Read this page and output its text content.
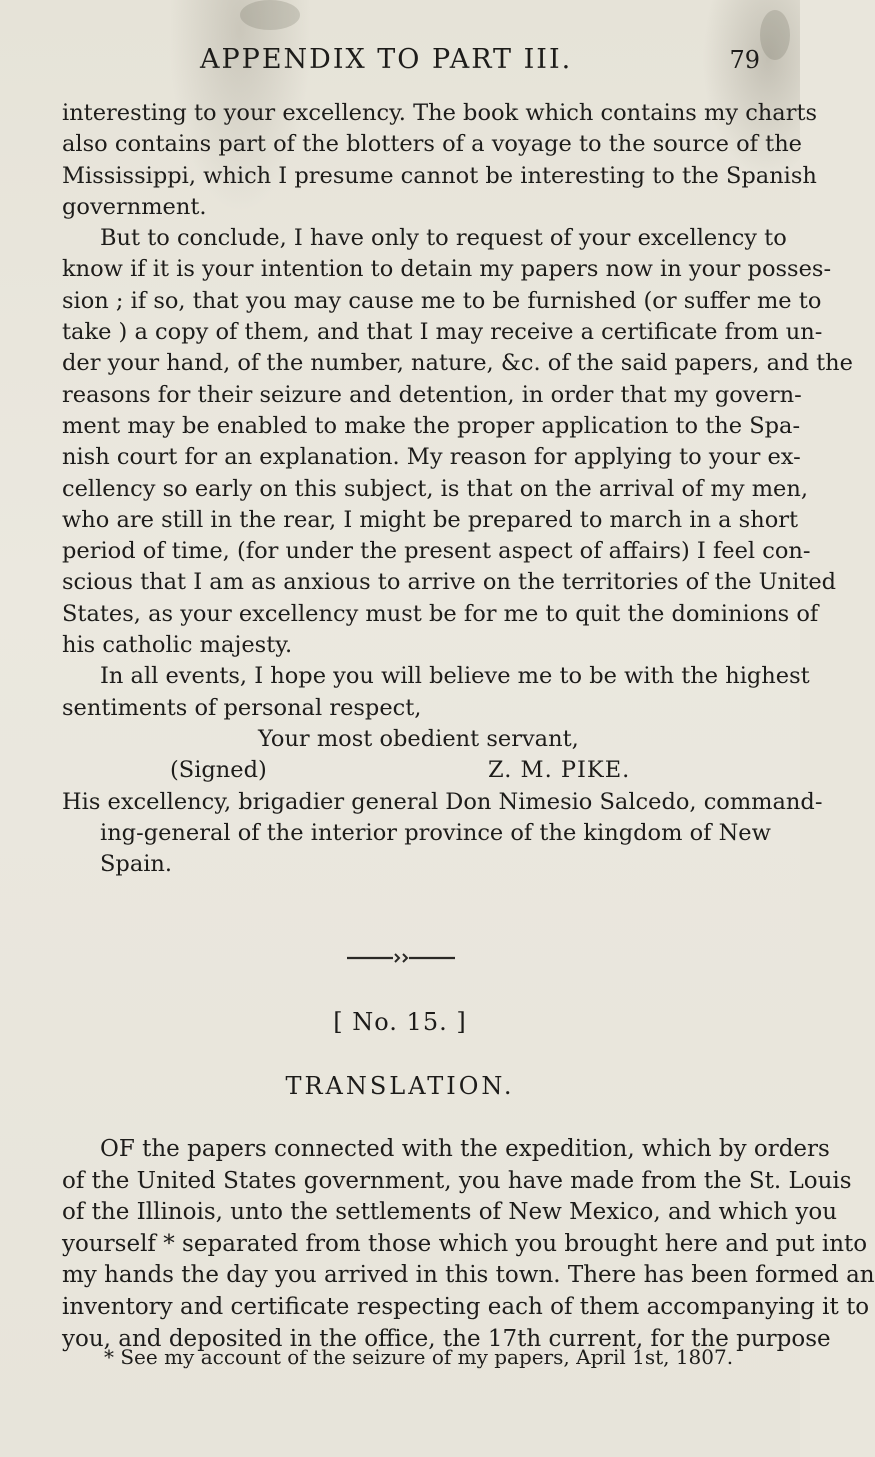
APPENDIX TO PART III.	79
interesting to your excellency. The book which contains my charts
also contains part of the blotters of a voyage to the source of the
Mississippi, which I presume cannot be interesting to the Spanish
government.
But to conclude, I have only to request of your excellency to
know if it is your intention to detain my papers now in your posses-
sion ; if so, that you may cause me to be furnished (or suffer me to
take ) a copy of them, and that I may receive a certificate from un-
der your hand, of the number, nature, &c. of the said papers, and the
reasons for their seizure and detention, in order that my govern-
ment may be enabled to make the proper application to the Spa-
nish court for an explanation. My reason for applying to your ex-
cellency so early on this subject, is that on the arrival of my men,
who are still in the rear, I might be prepared to march in a short
period of time, (for under the present aspect of affairs) I feel con-
scious that I am as anxious to arrive on the territories of the United
States, as your excellency must be for me to quit the dominions of
his catholic majesty.
In all events, I hope you will believe me to be with the highest
sentiments of personal respect,
Your most obedient servant,
(Signed)	Z. M. PIKE.
His excellency, brigadier general Don Nimesio Salcedo, command-
ing-general of the interior province of the kingdom of New
Spain.
[ No. 15. ]
TRANSLATION.
OF the papers connected with the expedition, which by orders
of the United States government, you have made from the St. Louis
of the Illinois, unto the settlements of New Mexico, and which you
yourself * separated from those which you brought here and put into
my hands the day you arrived in this town. There has been formed an
inventory and certificate respecting each of them accompanying it to
you, and deposited in the office, the 17th current, for the purpose
* See my account of the seizure of my papers, April 1st, 1807.
